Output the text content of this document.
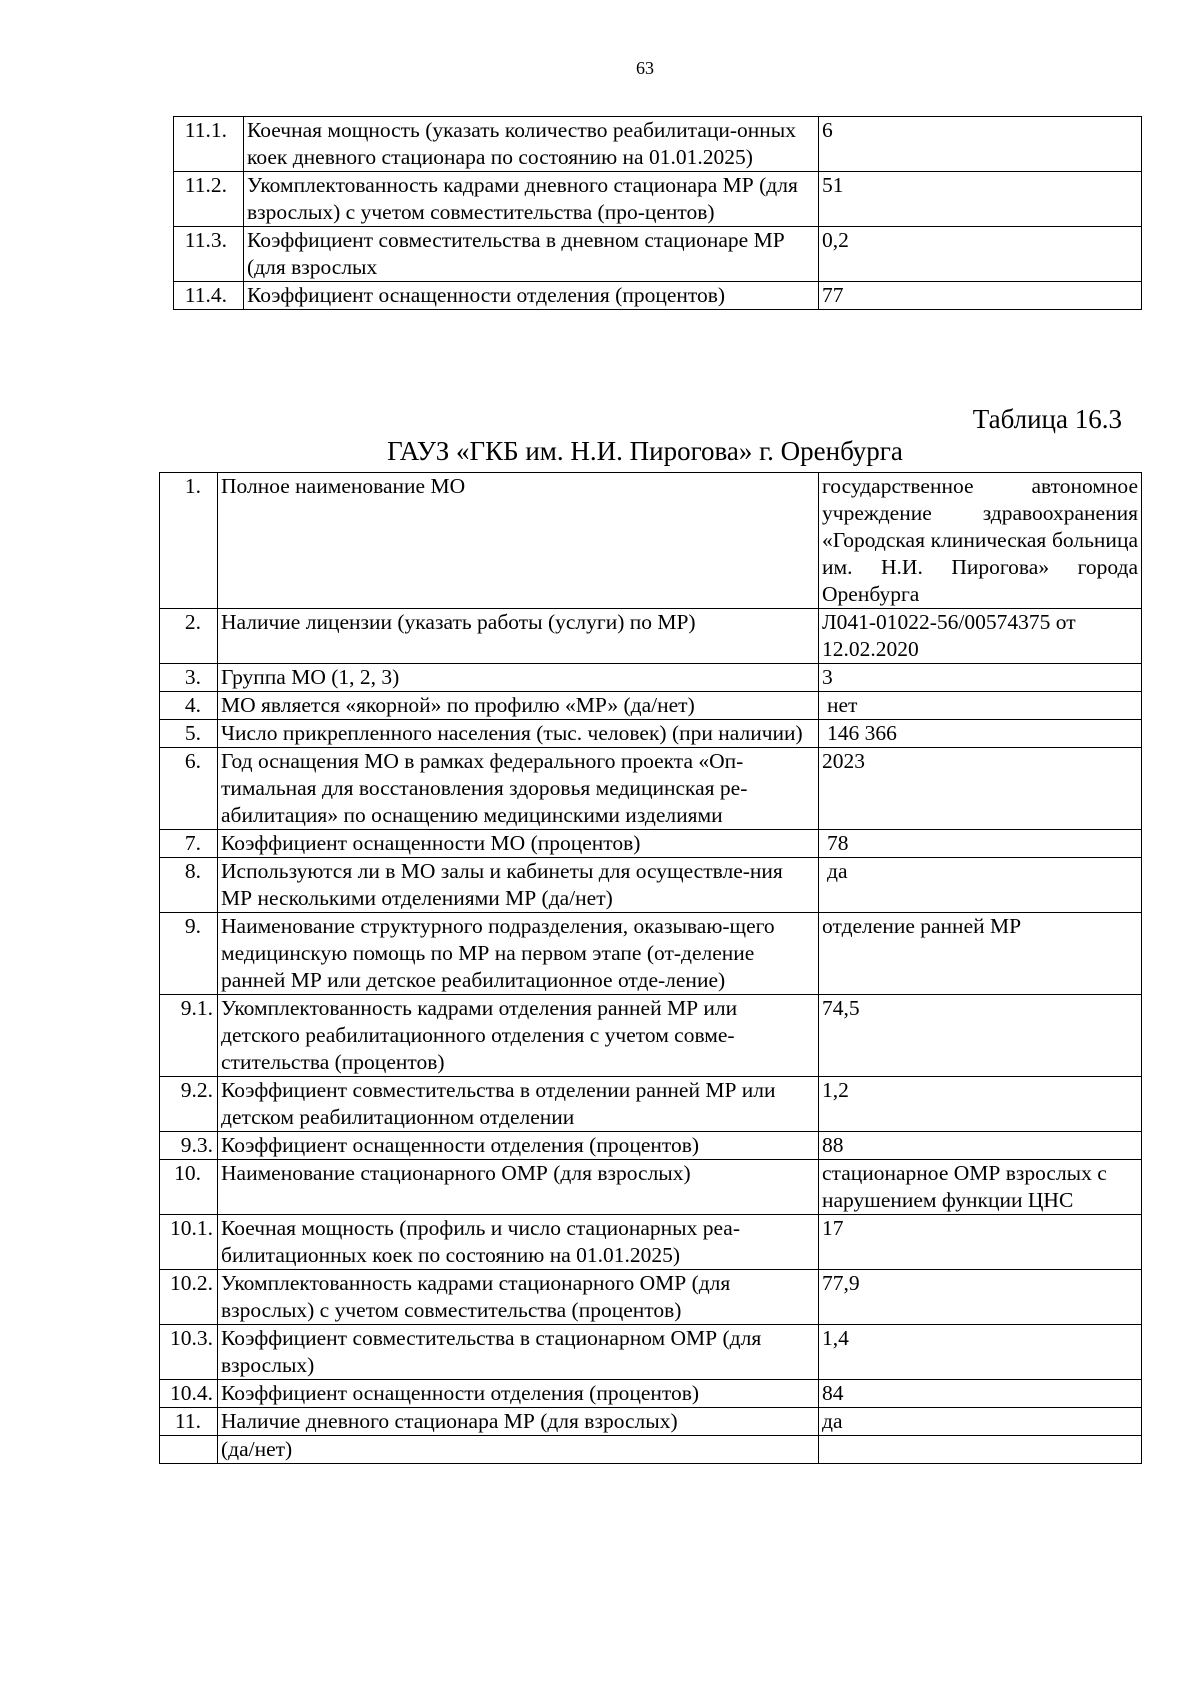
63
11.1.	Коечная мощность (указать количество реабилитаци-онных коек дневного стационара по состоянию на 01.01.2025)	6
11.2.	Укомплектованность кадрами дневного стационара МР (для взрослых) с учетом совместительства (про-центов)	51
11.3.	Коэффициент совместительства в дневном стационаре МР (для взрослых	0,2
11.4.	Коэффициент оснащенности отделения (процентов)	77
Таблица 16.3
ГАУЗ «ГКБ им. Н.И. Пирогова» г. Оренбурга
1.	Полное наименование МО	государственное автономное учреждение здравоохранения «Городская клиническая больница им. Н.И. Пирогова» города Оренбурга
2.	Наличие лицензии (указать работы (услуги) по МР)	Л041-01022-56/00574375 от 12.02.2020
3.	Группа МО (1, 2, 3)	3
4.	МО является «якорной» по профилю «МР» (да/нет)	нет
5.	Число прикрепленного населения (тыс. человек) (при наличии)	146 366
6.	Год оснащения МО в рамках федерального проекта «Оп-тимальная для восстановления здоровья медицинская ре-абилитация» по оснащению медицинскими изделиями	2023
7.	Коэффициент оснащенности МО (процентов)	78
8.	Используются ли в МО залы и кабинеты для осуществле-ния МР несколькими отделениями МР (да/нет)	да
9.	Наименование структурного подразделения, оказываю-щего медицинскую помощь по МР на первом этапе (от-деление ранней МР или детское реабилитационное отде-ление)	отделение ранней МР
9.1.	Укомплектованность кадрами отделения ранней МР или детского реабилитационного отделения с учетом совме-стительства (процентов)	74,5
9.2.	Коэффициент совместительства в отделении ранней МР или детском реабилитационном отделении	1,2
9.3.	Коэффициент оснащенности отделения (процентов)	88
10.	Наименование стационарного ОМР (для взрослых)	стационарное ОМР взрослых с нарушением функции ЦНС
10.1.	Коечная мощность (профиль и число стационарных реа-билитационных коек по состоянию на 01.01.2025)	17
10.2.	Укомплектованность кадрами стационарного ОМР (для взрослых) с учетом совместительства (процентов)	77,9
10.3.	Коэффициент совместительства в стационарном ОМР (для взрослых)	1,4
10.4.	Коэффициент оснащенности отделения (процентов)	84
11.	Наличие дневного стационара МР (для взрослых)	да
	(да/нет)	
